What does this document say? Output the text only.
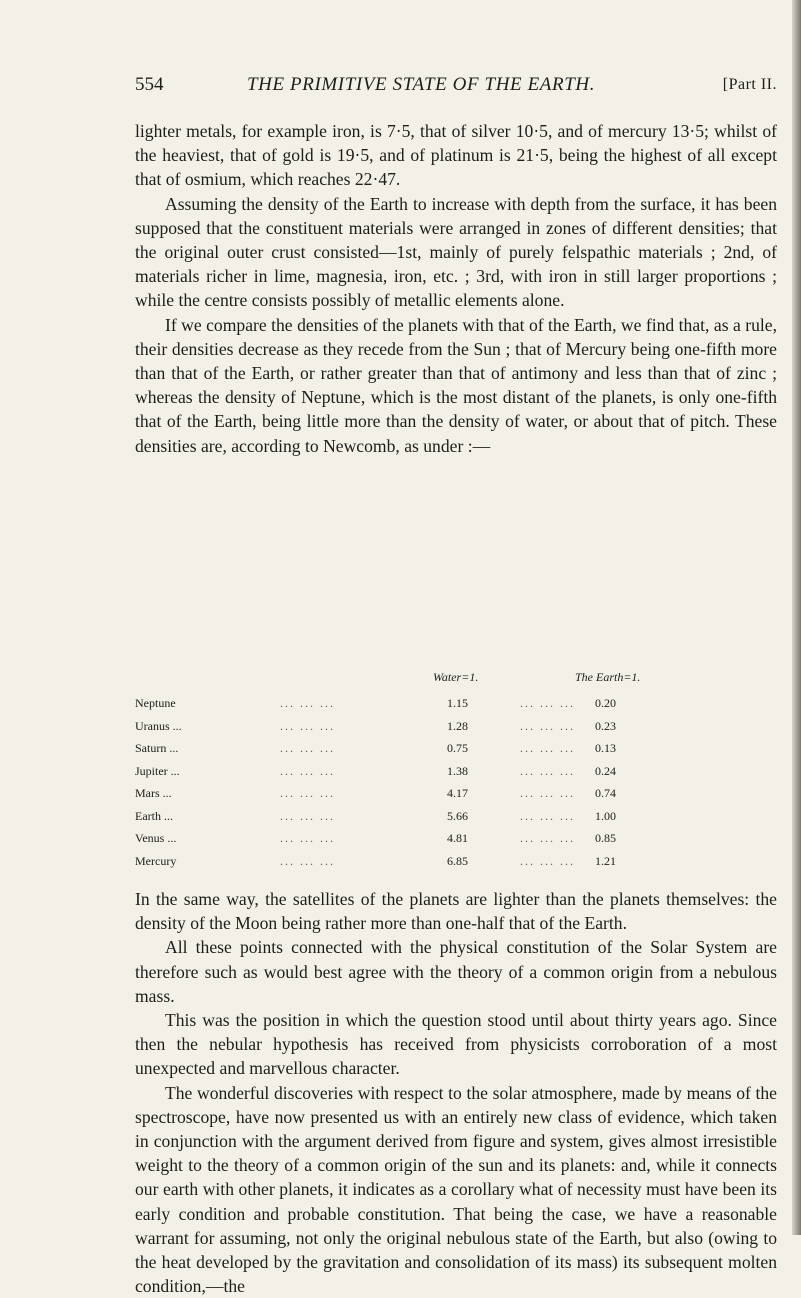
554	THE PRIMITIVE STATE OF THE EARTH.	[Part II.

lighter metals, for example iron, is 7·5, that of silver 10·5, and of mercury 13·5; whilst of the heaviest, that of gold is 19·5, and of platinum is 21·5, being the highest of all except that of osmium, which reaches 22·47.

Assuming the density of the Earth to increase with depth from the surface, it has been supposed that the constituent materials were arranged in zones of different densities; that the original outer crust consisted—1st, mainly of purely felspathic materials ; 2nd, of materials richer in lime, magnesia, iron, etc. ; 3rd, with iron in still larger proportions ; while the centre consists possibly of metallic elements alone.

If we compare the densities of the planets with that of the Earth, we find that, as a rule, their densities decrease as they recede from the Sun ; that of Mercury being one-fifth more than that of the Earth, or rather greater than that of antimony and less than that of zinc ; whereas the density of Neptune, which is the most distant of the planets, is only one-fifth that of the Earth, being little more than the density of water, or about that of pitch. These densities are, according to Newcomb, as under :—

Water=1.	The Earth=1.
Neptune	... ... ...	1.15	... ... ... 0.20
Uranus ...	... ... ...	1.28	... ... ... 0.23
Saturn ...	... ... ...	0.75	... ... ... 0.13
Jupiter ...	... ... ...	1.38	... ... ... 0.24
Mars ...	... ... ...	4.17	... ... ... 0.74
Earth ...	... ... ...	5.66	... ... ... 1.00
Venus ...	... ... ...	4.81	... ... ... 0.85
Mercury	... ... ...	6.85	... ... ... 1.21

In the same way, the satellites of the planets are lighter than the planets themselves: the density of the Moon being rather more than one-half that of the Earth.

All these points connected with the physical constitution of the Solar System are therefore such as would best agree with the theory of a common origin from a nebulous mass.

This was the position in which the question stood until about thirty years ago. Since then the nebular hypothesis has received from physicists corroboration of a most unexpected and marvellous character.

The wonderful discoveries with respect to the solar atmosphere, made by means of the spectroscope, have now presented us with an entirely new class of evidence, which taken in conjunction with the argument derived from figure and system, gives almost irresistible weight to the theory of a common origin of the sun and its planets: and, while it connects our earth with other planets, it indicates as a corollary what of necessity must have been its early condition and probable constitution. That being the case, we have a reasonable warrant for assuming, not only the original nebulous state of the Earth, but also (owing to the heat developed by the gravitation and consolidation of its mass) its subsequent molten condition,—the
